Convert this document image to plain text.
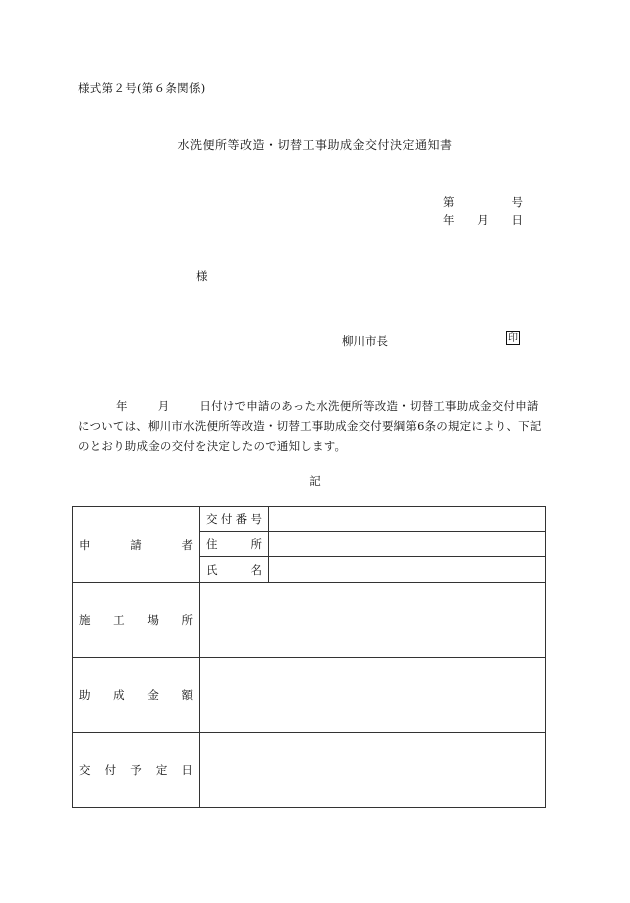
様式第２号(第６条関係)
水洗便所等改造・切替工事助成金交付決定通知書
第	号
年 月 日
様
柳川市長	印
年	月	日付けで申請のあった水洗便所等改造・切替工事助成金交付申請については、柳川市水洗便所等改造・切替工事助成金交付要綱第6条の規定により、下記のとおり助成金の交付を決定したので通知します。
記
申 請 者	交 付 番 号	

	住 所	

	氏 名	

施 工 場 所		

助 成 金 額		

交 付 予 定 日		
